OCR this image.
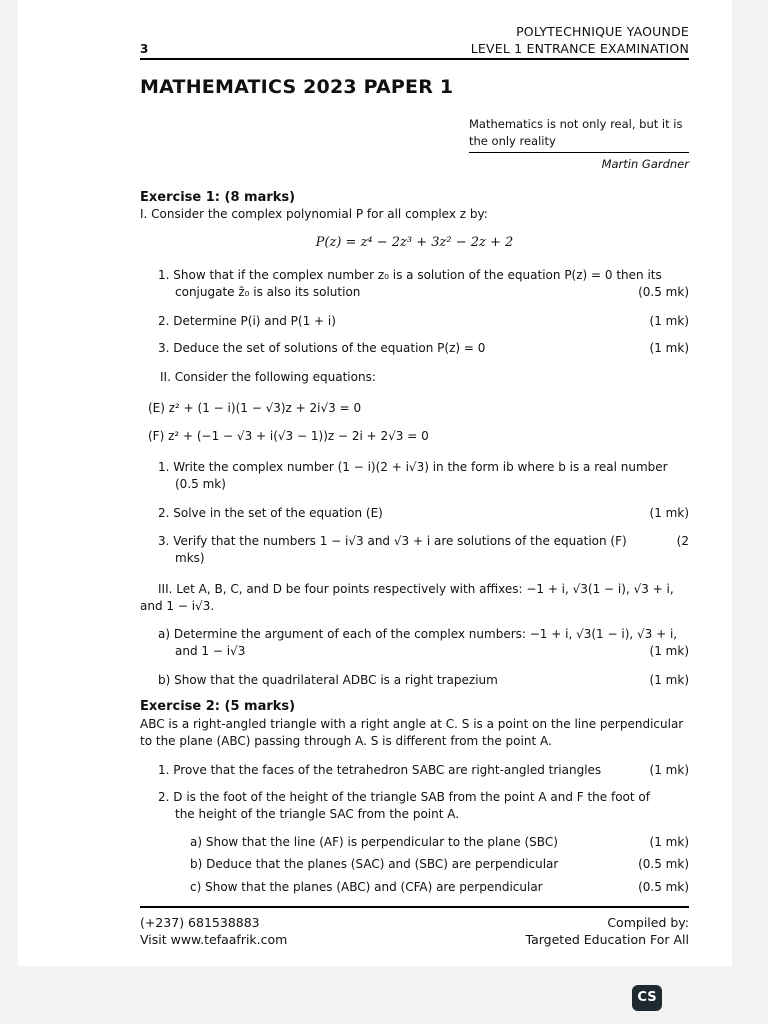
3
POLYTECHNIQUE YAOUNDE
LEVEL 1 ENTRANCE EXAMINATION
MATHEMATICS 2023 PAPER 1
Mathematics is not only real, but it is the only reality
Martin Gardner
Exercise 1: (8 marks)
I. Consider the complex polynomial P for all complex z by:
P(z) = z⁴ − 2z³ + 3z² − 2z + 2
1. Show that if the complex number z₀ is a solution of the equation P(z) = 0 then its
conjugate z̄₀ is also its solution	(0.5 mk)
2. Determine P(i) and P(1 + i)	(1 mk)
3. Deduce the set of solutions of the equation P(z) = 0	(1 mk)
II. Consider the following equations:
(E) z² + (1 − i)(1 − √3)z + 2i√3 = 0
(F) z² + (−1 − √3 + i(√3 − 1))z − 2i + 2√3 = 0
1. Write the complex number (1 − i)(2 + i√3) in the form ib where b is a real number
(0.5 mk)
2. Solve in the set of the equation (E)	(1 mk)
3. Verify that the numbers 1 − i√3 and √3 + i are solutions of the equation (F)	(2
mks)
III. Let A, B, C, and D be four points respectively with affixes: −1 + i, √3(1 − i), √3 + i,
and 1 − i√3.
a) Determine the argument of each of the complex numbers: −1 + i, √3(1 − i), √3 + i,
and 1 − i√3	(1 mk)
b) Show that the quadrilateral ADBC is a right trapezium	(1 mk)
Exercise 2: (5 marks)
ABC is a right-angled triangle with a right angle at C. S is a point on the line perpendicular
to the plane (ABC) passing through A. S is different from the point A.
1. Prove that the faces of the tetrahedron SABC are right-angled triangles	(1 mk)
2. D is the foot of the height of the triangle SAB from the point A and F the foot of
the height of the triangle SAC from the point A.
a) Show that the line (AF) is perpendicular to the plane (SBC)	(1 mk)
b) Deduce that the planes (SAC) and (SBC) are perpendicular	(0.5 mk)
c) Show that the planes (ABC) and (CFA) are perpendicular	(0.5 mk)
(+237) 681538883
Visit www.tefaafrik.com
Compiled by:
Targeted Education For All
CS
